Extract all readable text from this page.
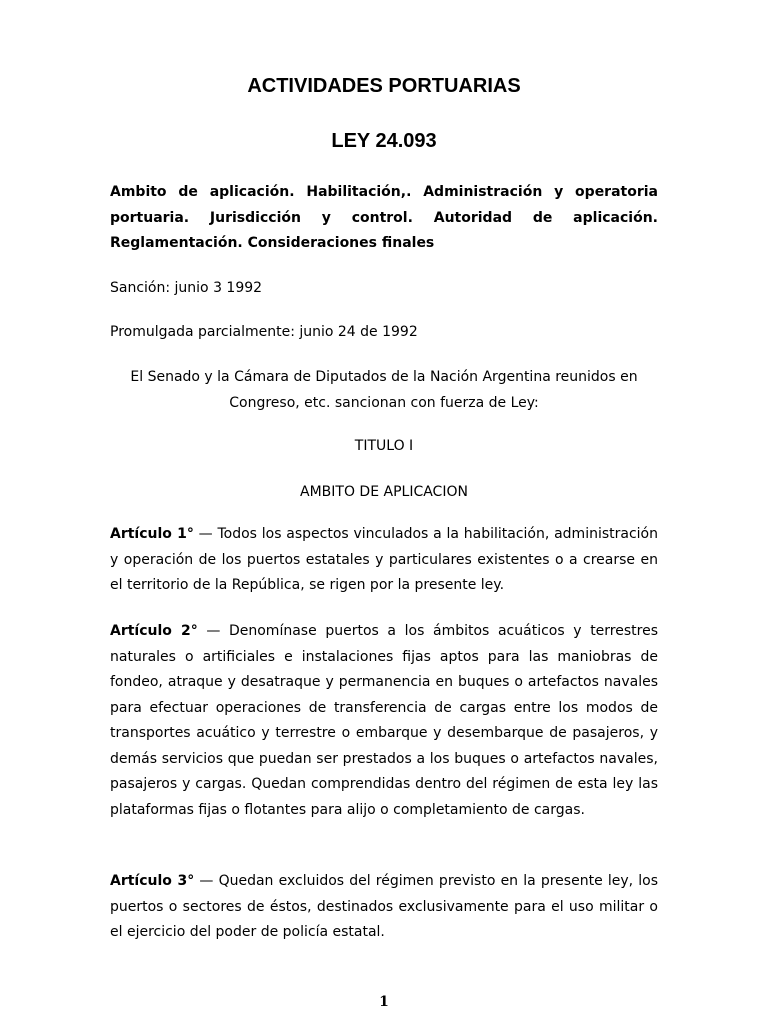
ACTIVIDADES PORTUARIAS
LEY 24.093

Ambito de aplicación. Habilitación,. Administración y operatoria portuaria. Jurisdicción y control. Autoridad de aplicación. Reglamentación. Consideraciones finales

Sanción: junio 3 1992

Promulgada parcialmente: junio 24 de 1992

El Senado y la Cámara de Diputados de la Nación Argentina reunidos en Congreso, etc. sancionan con fuerza de Ley:

TITULO I

AMBITO DE APLICACION

Artículo 1° — Todos los aspectos vinculados a la habilitación, administración y operación de los puertos estatales y particulares existentes o a crearse en el territorio de la República, se rigen por la presente ley.

Artículo 2° — Denomínase puertos a los ámbitos acuáticos y terrestres naturales o artificiales e instalaciones fijas aptos para las maniobras de fondeo, atraque y desatraque y permanencia en buques o artefactos navales para efectuar operaciones de transferencia de cargas entre los modos de transportes acuático y terrestre o embarque y desembarque de pasajeros, y demás servicios que puedan ser prestados a los buques o artefactos navales, pasajeros y cargas. Quedan comprendidas dentro del régimen de esta ley las plataformas fijas o flotantes para alijo o completamiento de cargas.

Artículo 3° — Quedan excluidos del régimen previsto en la presente ley, los puertos o sectores de éstos, destinados exclusivamente para el uso militar o el ejercicio del poder de policía estatal.

1
